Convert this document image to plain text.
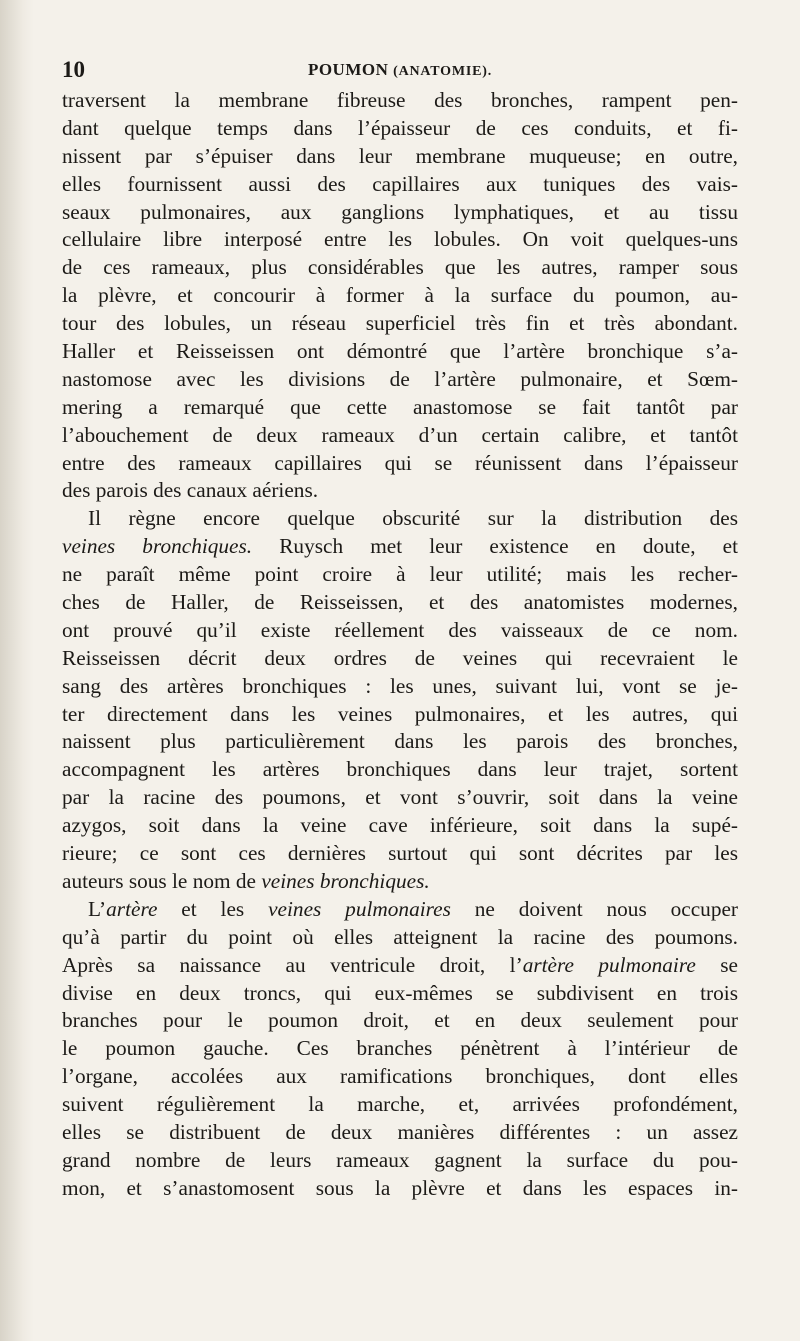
10	POUMON (ANATOMIE).
traversent la membrane fibreuse des bronches, rampent pen-
dant quelque temps dans l’épaisseur de ces conduits, et fi-
nissent par s’épuiser dans leur membrane muqueuse; en outre,
elles fournissent aussi des capillaires aux tuniques des vais-
seaux pulmonaires, aux ganglions lymphatiques, et au tissu
cellulaire libre interposé entre les lobules. On voit quelques-uns
de ces rameaux, plus considérables que les autres, ramper sous
la plèvre, et concourir à former à la surface du poumon, au-
tour des lobules, un réseau superficiel très fin et très abondant.
Haller et Reisseissen ont démontré que l’artère bronchique s’a-
nastomose avec les divisions de l’artère pulmonaire, et Sœm-
mering a remarqué que cette anastomose se fait tantôt par
l’abouchement de deux rameaux d’un certain calibre, et tantôt
entre des rameaux capillaires qui se réunissent dans l’épaisseur
des parois des canaux aériens.
Il règne encore quelque obscurité sur la distribution des
veines bronchiques. Ruysch met leur existence en doute, et
ne paraît même point croire à leur utilité; mais les recher-
ches de Haller, de Reisseissen, et des anatomistes modernes,
ont prouvé qu’il existe réellement des vaisseaux de ce nom.
Reisseissen décrit deux ordres de veines qui recevraient le
sang des artères bronchiques : les unes, suivant lui, vont se je-
ter directement dans les veines pulmonaires, et les autres, qui
naissent plus particulièrement dans les parois des bronches,
accompagnent les artères bronchiques dans leur trajet, sortent
par la racine des poumons, et vont s’ouvrir, soit dans la veine
azygos, soit dans la veine cave inférieure, soit dans la supé-
rieure; ce sont ces dernières surtout qui sont décrites par les
auteurs sous le nom de veines bronchiques.
L’artère et les veines pulmonaires ne doivent nous occuper
qu’à partir du point où elles atteignent la racine des poumons.
Après sa naissance au ventricule droit, l’artère pulmonaire se
divise en deux troncs, qui eux-mêmes se subdivisent en trois
branches pour le poumon droit, et en deux seulement pour
le poumon gauche. Ces branches pénètrent à l’intérieur de
l’organe, accolées aux ramifications bronchiques, dont elles
suivent régulièrement la marche, et, arrivées profondément,
elles se distribuent de deux manières différentes : un assez
grand nombre de leurs rameaux gagnent la surface du pou-
mon, et s’anastomosent sous la plèvre et dans les espaces in-
